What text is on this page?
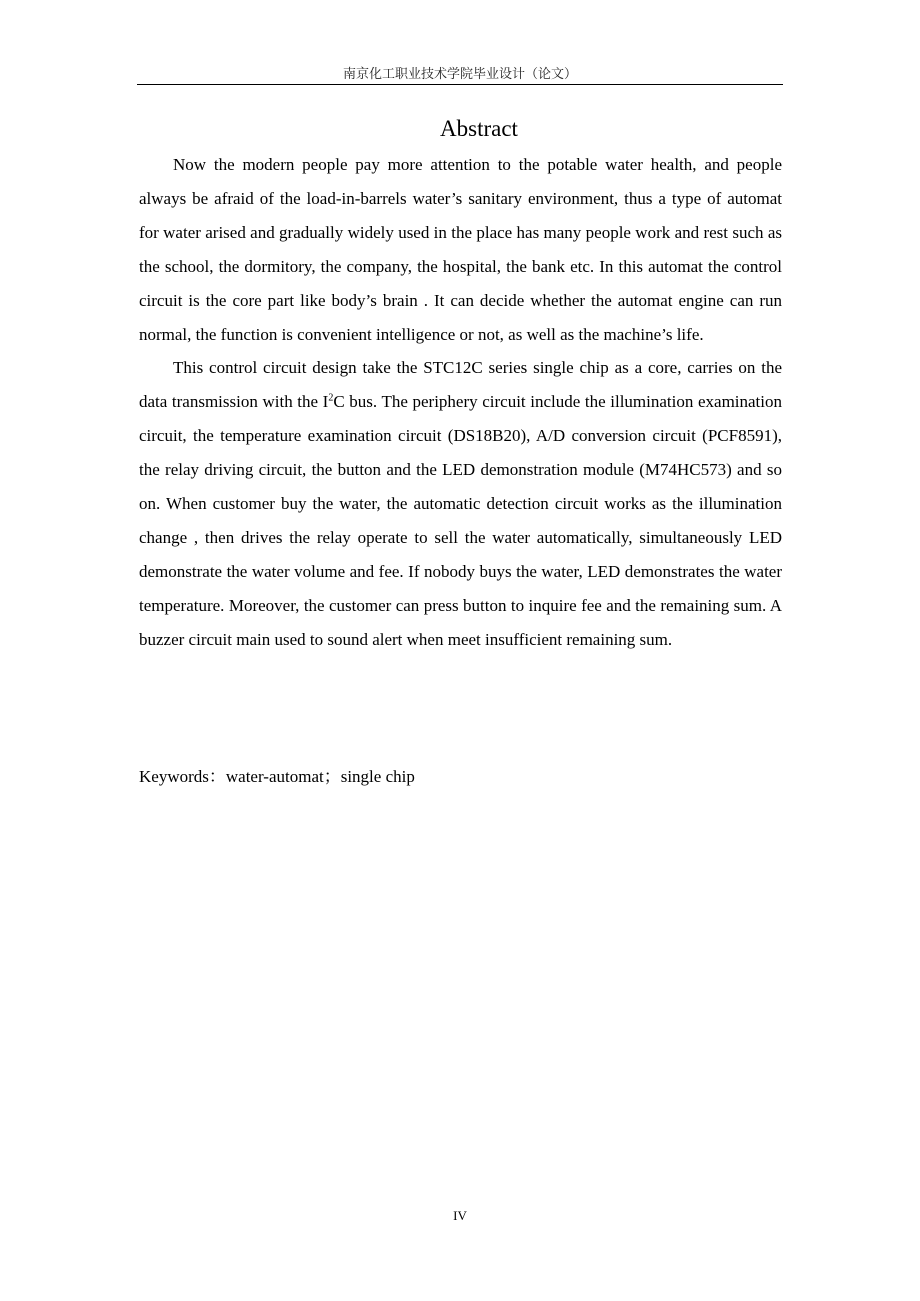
南京化工职业技术学院毕业设计（论文）
Abstract

Now the modern people pay more attention to the potable water health, and people always be afraid of the load-in-barrels water’s sanitary environment, thus a type of automat for water arised and gradually widely used in the place has many people work and rest such as the school, the dormitory, the company, the hospital, the bank etc. In this automat the control circuit is the core part like body’s brain . It can decide whether the automat engine can run normal, the function is convenient intelligence or not, as well as the machine’s life.

This control circuit design take the STC12C series single chip as a core, carries on the data transmission with the $I^2C$ bus. The periphery circuit include the illumination examination circuit, the temperature examination circuit (DS18B20), A/D conversion circuit (PCF8591), the relay driving circuit, the button and the LED demonstration module (M74HC573) and so on. When customer buy the water, the automatic detection circuit works as the illumination change , then drives the relay operate to sell the water automatically, simultaneously LED demonstrate the water volume and fee. If nobody buys the water, LED demonstrates the water temperature. Moreover, the customer can press button to inquire fee and the remaining sum. A buzzer circuit main used to sound alert when meet insufficient remaining sum.

Keywords：water-automat；single chip
IV
